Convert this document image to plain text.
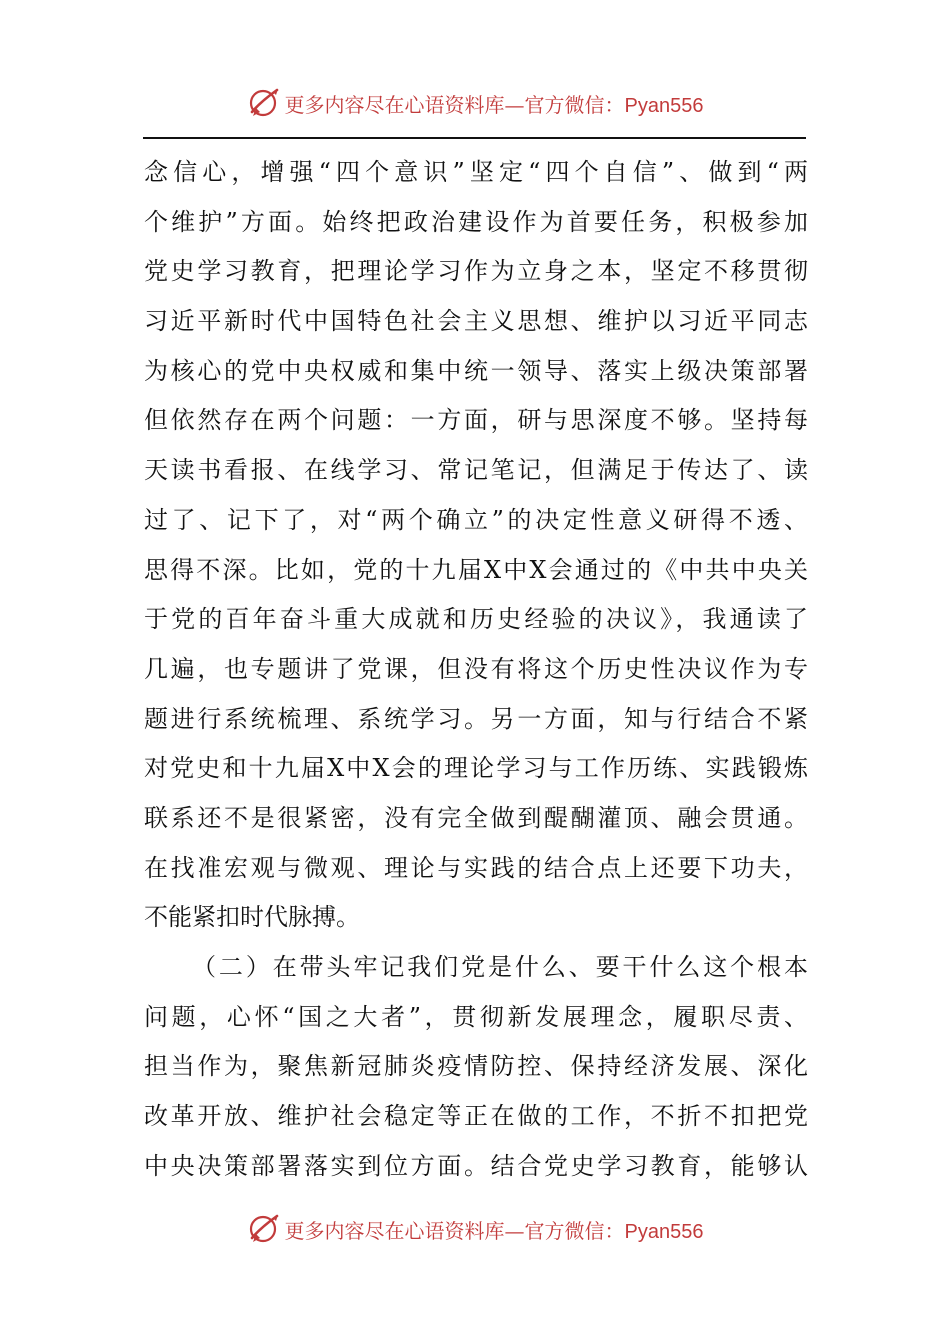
更多内容尽在心语资料库—官方微信：Pyan556
念信心，增强“四个意识”坚定“四个自信”、做到“两
个维护”方面。始终把政治建设作为首要任务，积极参加
党史学习教育，把理论学习作为立身之本，坚定不移贯彻
习近平新时代中国特色社会主义思想、维护以习近平同志
为核心的党中央权威和集中统一领导、落实上级决策部署
但依然存在两个问题：一方面，研与思深度不够。坚持每
天读书看报、在线学习、常记笔记，但满足于传达了、读
过了、记下了，对“两个确立”的决定性意义研得不透、
思得不深。比如，党的十九届X中X会通过的《中共中央关
于党的百年奋斗重大成就和历史经验的决议》，我通读了
几遍，也专题讲了党课，但没有将这个历史性决议作为专
题进行系统梳理、系统学习。另一方面，知与行结合不紧
对党史和十九届X中X会的理论学习与工作历练、实践锻炼
联系还不是很紧密，没有完全做到醍醐灌顶、融会贯通。
在找准宏观与微观、理论与实践的结合点上还要下功夫，
不能紧扣时代脉搏。
（二）在带头牢记我们党是什么、要干什么这个根本
问题，心怀“国之大者”，贯彻新发展理念，履职尽责、
担当作为，聚焦新冠肺炎疫情防控、保持经济发展、深化
改革开放、维护社会稳定等正在做的工作，不折不扣把党
中央决策部署落实到位方面。结合党史学习教育，能够认
更多内容尽在心语资料库—官方微信：Pyan556
